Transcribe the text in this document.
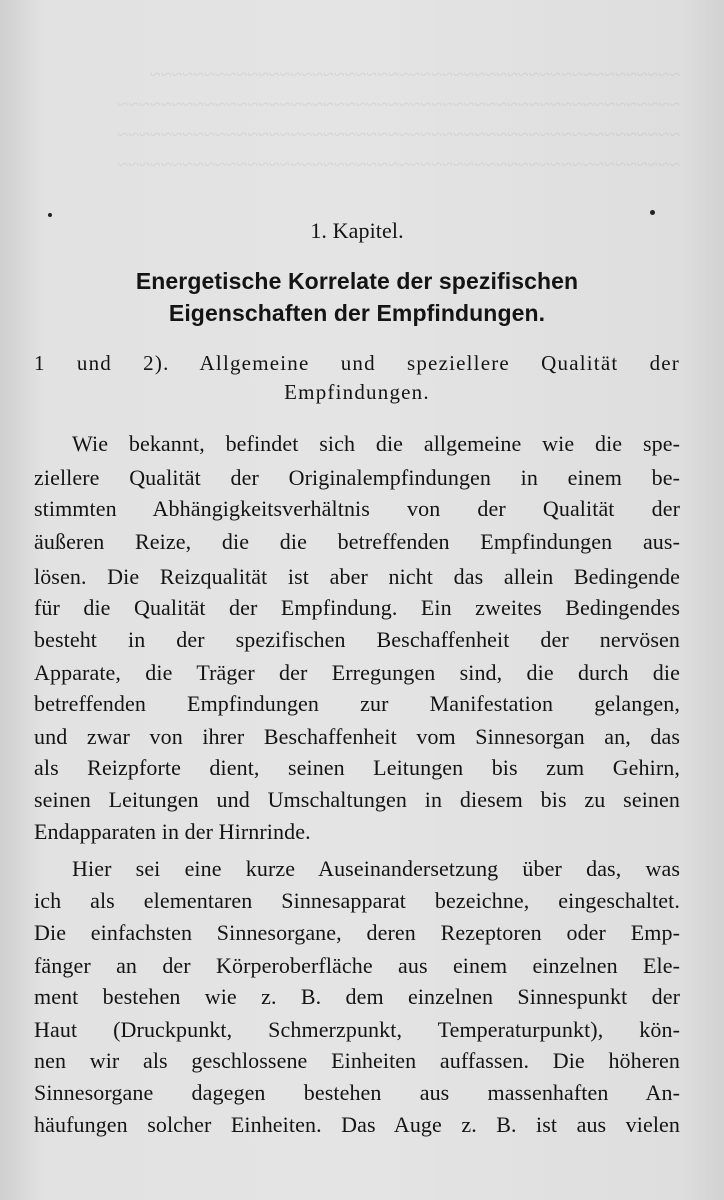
~~~~~~~~~~~~~~~~~~~~~~~~~~~~~~~~~~~~~~~~~~~~~~~~~
~~~~~~~~~~~~~~~~~~~~~~~~~~~~~~~~~~~~~~~~~~~~~~~~~~~~
~~~~~~~~~~~~~~~~~~~~~~~~~~~~~~~~~~~~~~~~~~~~~~~~~~~~
~~~~~~~~~~~~~~~~~~~~~~~~~~~~~~~~~~~~~~~~~~~~~~~~~~~~
1. Kapitel.
Energetische Korrelate der spezifischen
Eigenschaften der Empfindungen.
1 und 2). Allgemeine und speziellere Qualität der
Empfindungen.
Wie bekannt, befindet sich die allgemeine wie die spe-
ziellere Qualität der Originalempfindungen in einem be-
stimmten Abhängigkeitsverhältnis von der Qualität der
äußeren Reize, die die betreffenden Empfindungen aus-
lösen. Die Reizqualität ist aber nicht das allein Bedingende
für die Qualität der Empfindung. Ein zweites Bedingendes
besteht in der spezifischen Beschaffenheit der nervösen
Apparate, die Träger der Erregungen sind, die durch die
betreffenden Empfindungen zur Manifestation gelangen,
und zwar von ihrer Beschaffenheit vom Sinnesorgan an, das
als Reizpforte dient, seinen Leitungen bis zum Gehirn,
seinen Leitungen und Umschaltungen in diesem bis zu seinen
Endapparaten in der Hirnrinde.
Hier sei eine kurze Auseinandersetzung über das, was
ich als elementaren Sinnesapparat bezeichne, eingeschaltet.
Die einfachsten Sinnesorgane, deren Rezeptoren oder Emp-
fänger an der Körperoberfläche aus einem einzelnen Ele-
ment bestehen wie z. B. dem einzelnen Sinnespunkt der
Haut (Druckpunkt, Schmerzpunkt, Temperaturpunkt), kön-
nen wir als geschlossene Einheiten auffassen. Die höheren
Sinnesorgane dagegen bestehen aus massenhaften An-
häufungen solcher Einheiten. Das Auge z. B. ist aus vielen
